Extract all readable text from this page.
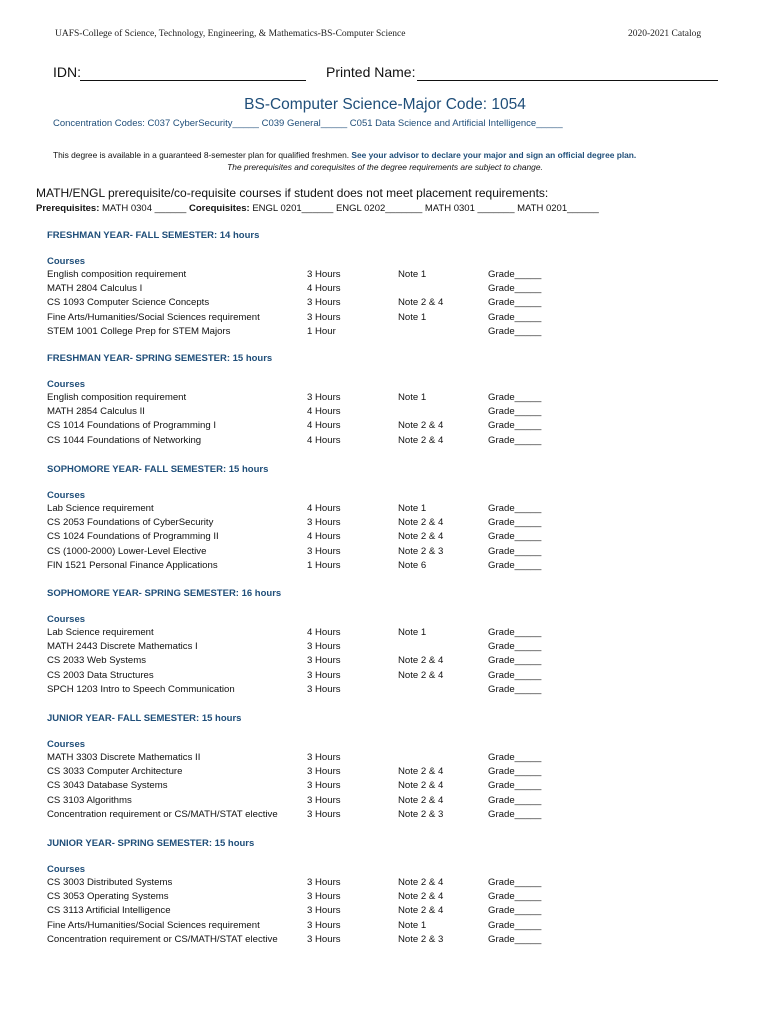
UAFS-College of Science, Technology, Engineering, & Mathematics-BS-Computer Science	2020-2021 Catalog
IDN:	Printed Name:
BS-Computer Science-Major Code: 1054
Concentration Codes: C037 CyberSecurity_____ C039 General_____ C051 Data Science and Artificial Intelligence_____
This degree is available in a guaranteed 8-semester plan for qualified freshmen. See your advisor to declare your major and sign an official degree plan.
The prerequisites and corequisites of the degree requirements are subject to change.
MATH/ENGL prerequisite/co-requisite courses if student does not meet placement requirements:
Prerequisites: MATH 0304 ______ Corequisites: ENGL 0201______ ENGL 0202_______ MATH 0301 _______ MATH 0201______
FRESHMAN YEAR- FALL SEMESTER: 14 hours
Courses
English composition requirement	3 Hours	Note 1	Grade_____
MATH 2804 Calculus I	4 Hours	Grade_____
CS 1093 Computer Science Concepts	3 Hours	Note 2 & 4	Grade_____
Fine Arts/Humanities/Social Sciences requirement	3 Hours	Note 1	Grade_____
STEM 1001 College Prep for STEM Majors	1 Hour	Grade_____
FRESHMAN YEAR- SPRING SEMESTER: 15 hours
Courses
English composition requirement	3 Hours	Note 1	Grade_____
MATH 2854 Calculus II	4 Hours	Grade_____
CS 1014 Foundations of Programming I	4 Hours	Note 2 & 4	Grade_____
CS 1044 Foundations of Networking	4 Hours	Note 2 & 4	Grade_____
SOPHOMORE YEAR- FALL SEMESTER: 15 hours
Courses
Lab Science requirement	4 Hours	Note 1	Grade_____
CS 2053 Foundations of CyberSecurity	3 Hours	Note 2 & 4	Grade_____
CS 1024 Foundations of Programming II	4 Hours	Note 2 & 4	Grade_____
CS (1000-2000) Lower-Level Elective	3 Hours	Note 2 & 3	Grade_____
FIN 1521 Personal Finance Applications	1 Hours	Note 6	Grade_____
SOPHOMORE YEAR- SPRING SEMESTER: 16 hours
Courses
Lab Science requirement	4 Hours	Note 1	Grade_____
MATH 2443 Discrete Mathematics I	3 Hours	Grade_____
CS 2033 Web Systems	3 Hours	Note 2 & 4	Grade_____
CS 2003 Data Structures	3 Hours	Note 2 & 4	Grade_____
SPCH 1203 Intro to Speech Communication	3 Hours	Grade_____
JUNIOR YEAR- FALL SEMESTER: 15 hours
Courses
MATH 3303 Discrete Mathematics II	3 Hours	Grade_____
CS 3033 Computer Architecture	3 Hours	Note 2 & 4	Grade_____
CS 3043 Database Systems	3 Hours	Note 2 & 4	Grade_____
CS 3103 Algorithms	3 Hours	Note 2 & 4	Grade_____
Concentration requirement or CS/MATH/STAT elective	3 Hours	Note 2 & 3	Grade_____
JUNIOR YEAR- SPRING SEMESTER: 15 hours
Courses
CS 3003 Distributed Systems	3 Hours	Note 2 & 4	Grade_____
CS 3053 Operating Systems	3 Hours	Note 2 & 4	Grade_____
CS 3113 Artificial Intelligence	3 Hours	Note 2 & 4	Grade_____
Fine Arts/Humanities/Social Sciences requirement	3 Hours	Note 1	Grade_____
Concentration requirement or CS/MATH/STAT elective	3 Hours	Note 2 & 3	Grade_____
